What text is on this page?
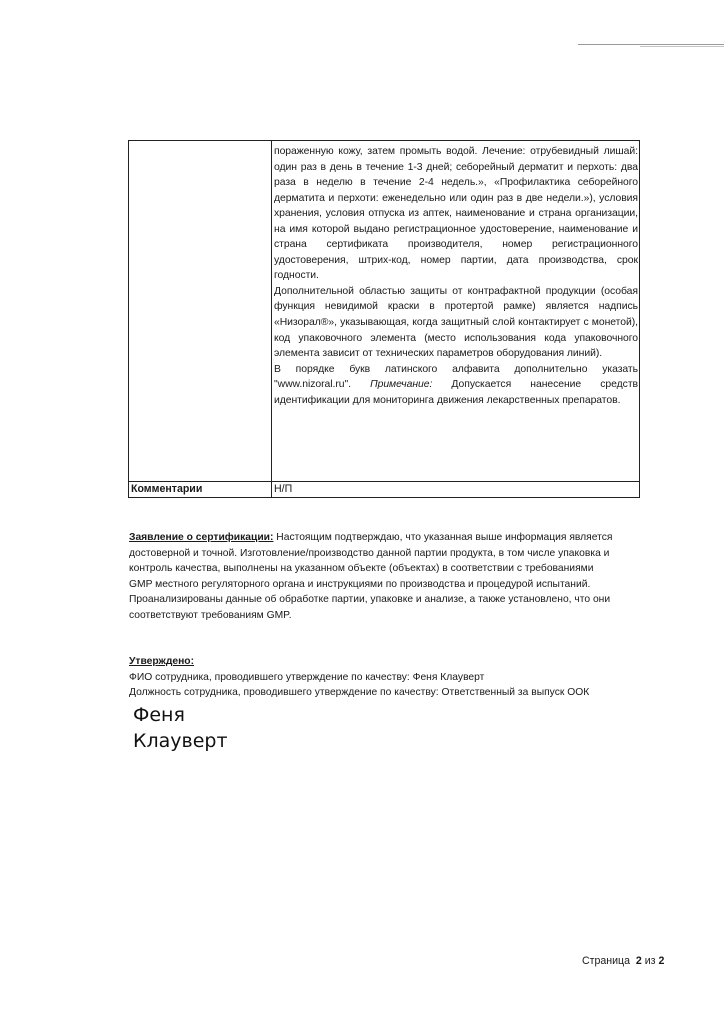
	пораженную кожу, затем промыть водой. Лечение: отрубевидный лишай: один раз в день в течение 1-3 дней; себорейный дерматит и перхоть: два раза в неделю в течение 2-4 недель.», «Профилактика себорейного дерматита и перхоти: еженедельно или один раз в две недели.»), условия хранения, условия отпуска из аптек, наименование и страна организации, на имя которой выдано регистрационное удостоверение, наименование и страна сертификата производителя, номер регистрационного удостоверения, штрих-код, номер партии, дата производства, срок годности.

Дополнительной областью защиты от контрафактной продукции (особая функция невидимой краски в протертой рамке) является надпись «Низорал®», указывающая, когда защитный слой контактирует с монетой), код упаковочного элемента (место использования кода упаковочного элемента зависит от технических параметров оборудования линий).

В порядке букв латинского алфавита дополнительно указать "www.nizoral.ru". Примечание: Допускается нанесение средств идентификации для мониторинга движения лекарственных препаратов.

Комментарии	Н/П

Заявление о сертификации: Настоящим подтверждаю, что указанная выше информация является достоверной и точной. Изготовление/производство данной партии продукта, в том числе упаковка и контроль качества, выполнены на указанном объекте (объектах) в соответствии с требованиями GMP местного регуляторного органа и инструкциями по производства и процедурой испытаний. Проанализированы данные об обработке партии, упаковке и анализе, а также установлено, что они соответствуют требованиям GMP.

Утверждено:
ФИО сотрудника, проводившего утверждение по качеству: Феня Клауверт
Должность сотрудника, проводившего утверждение по качеству: Ответственный за выпуск ООК
Феня
Клауверт
Страница 2 из 2
